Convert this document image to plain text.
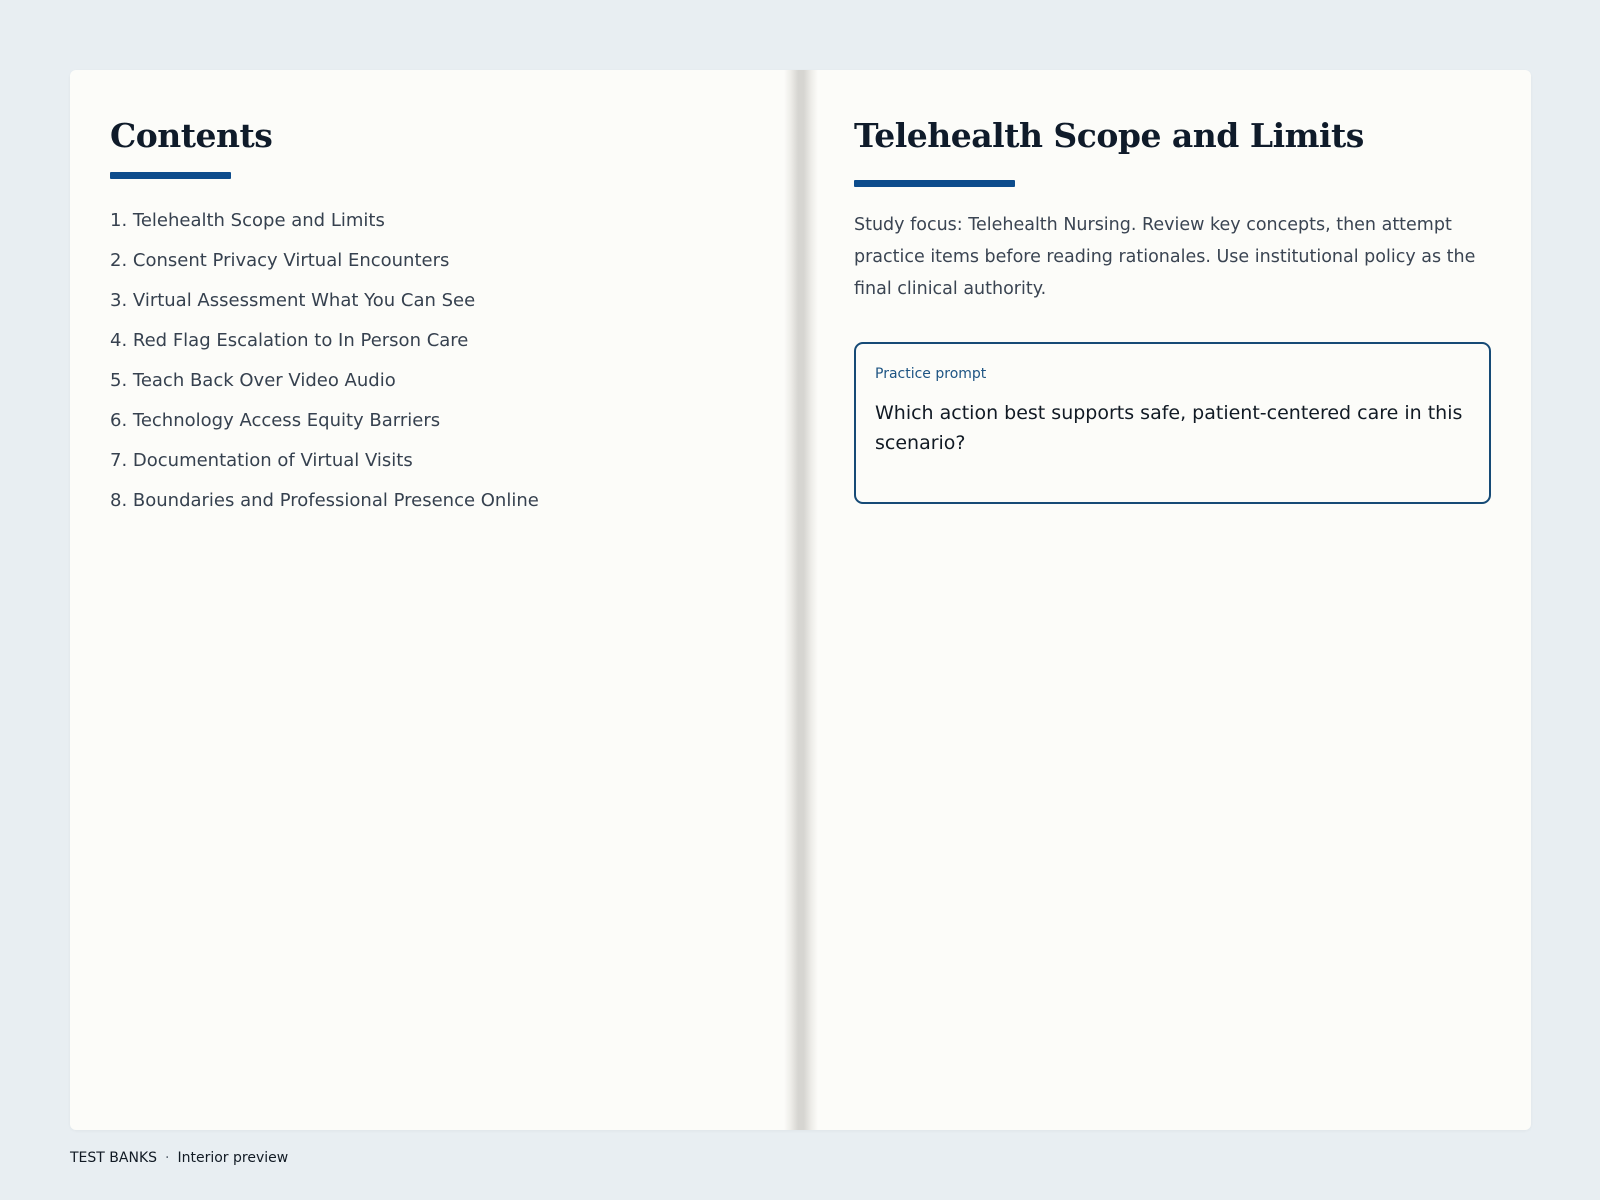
Contents
1. Telehealth Scope and Limits
2. Consent Privacy Virtual Encounters
3. Virtual Assessment What You Can See
4. Red Flag Escalation to In Person Care
5. Teach Back Over Video Audio
6. Technology Access Equity Barriers
7. Documentation of Virtual Visits
8. Boundaries and Professional Presence Online
Telehealth Scope and Limits

Study focus: Telehealth Nursing. Review key concepts, then attempt practice items before reading rationales. Use institutional policy as the final clinical authority.

Practice prompt
Which action best supports safe, patient-centered care in this scenario?
TEST BANKS · Interior preview
